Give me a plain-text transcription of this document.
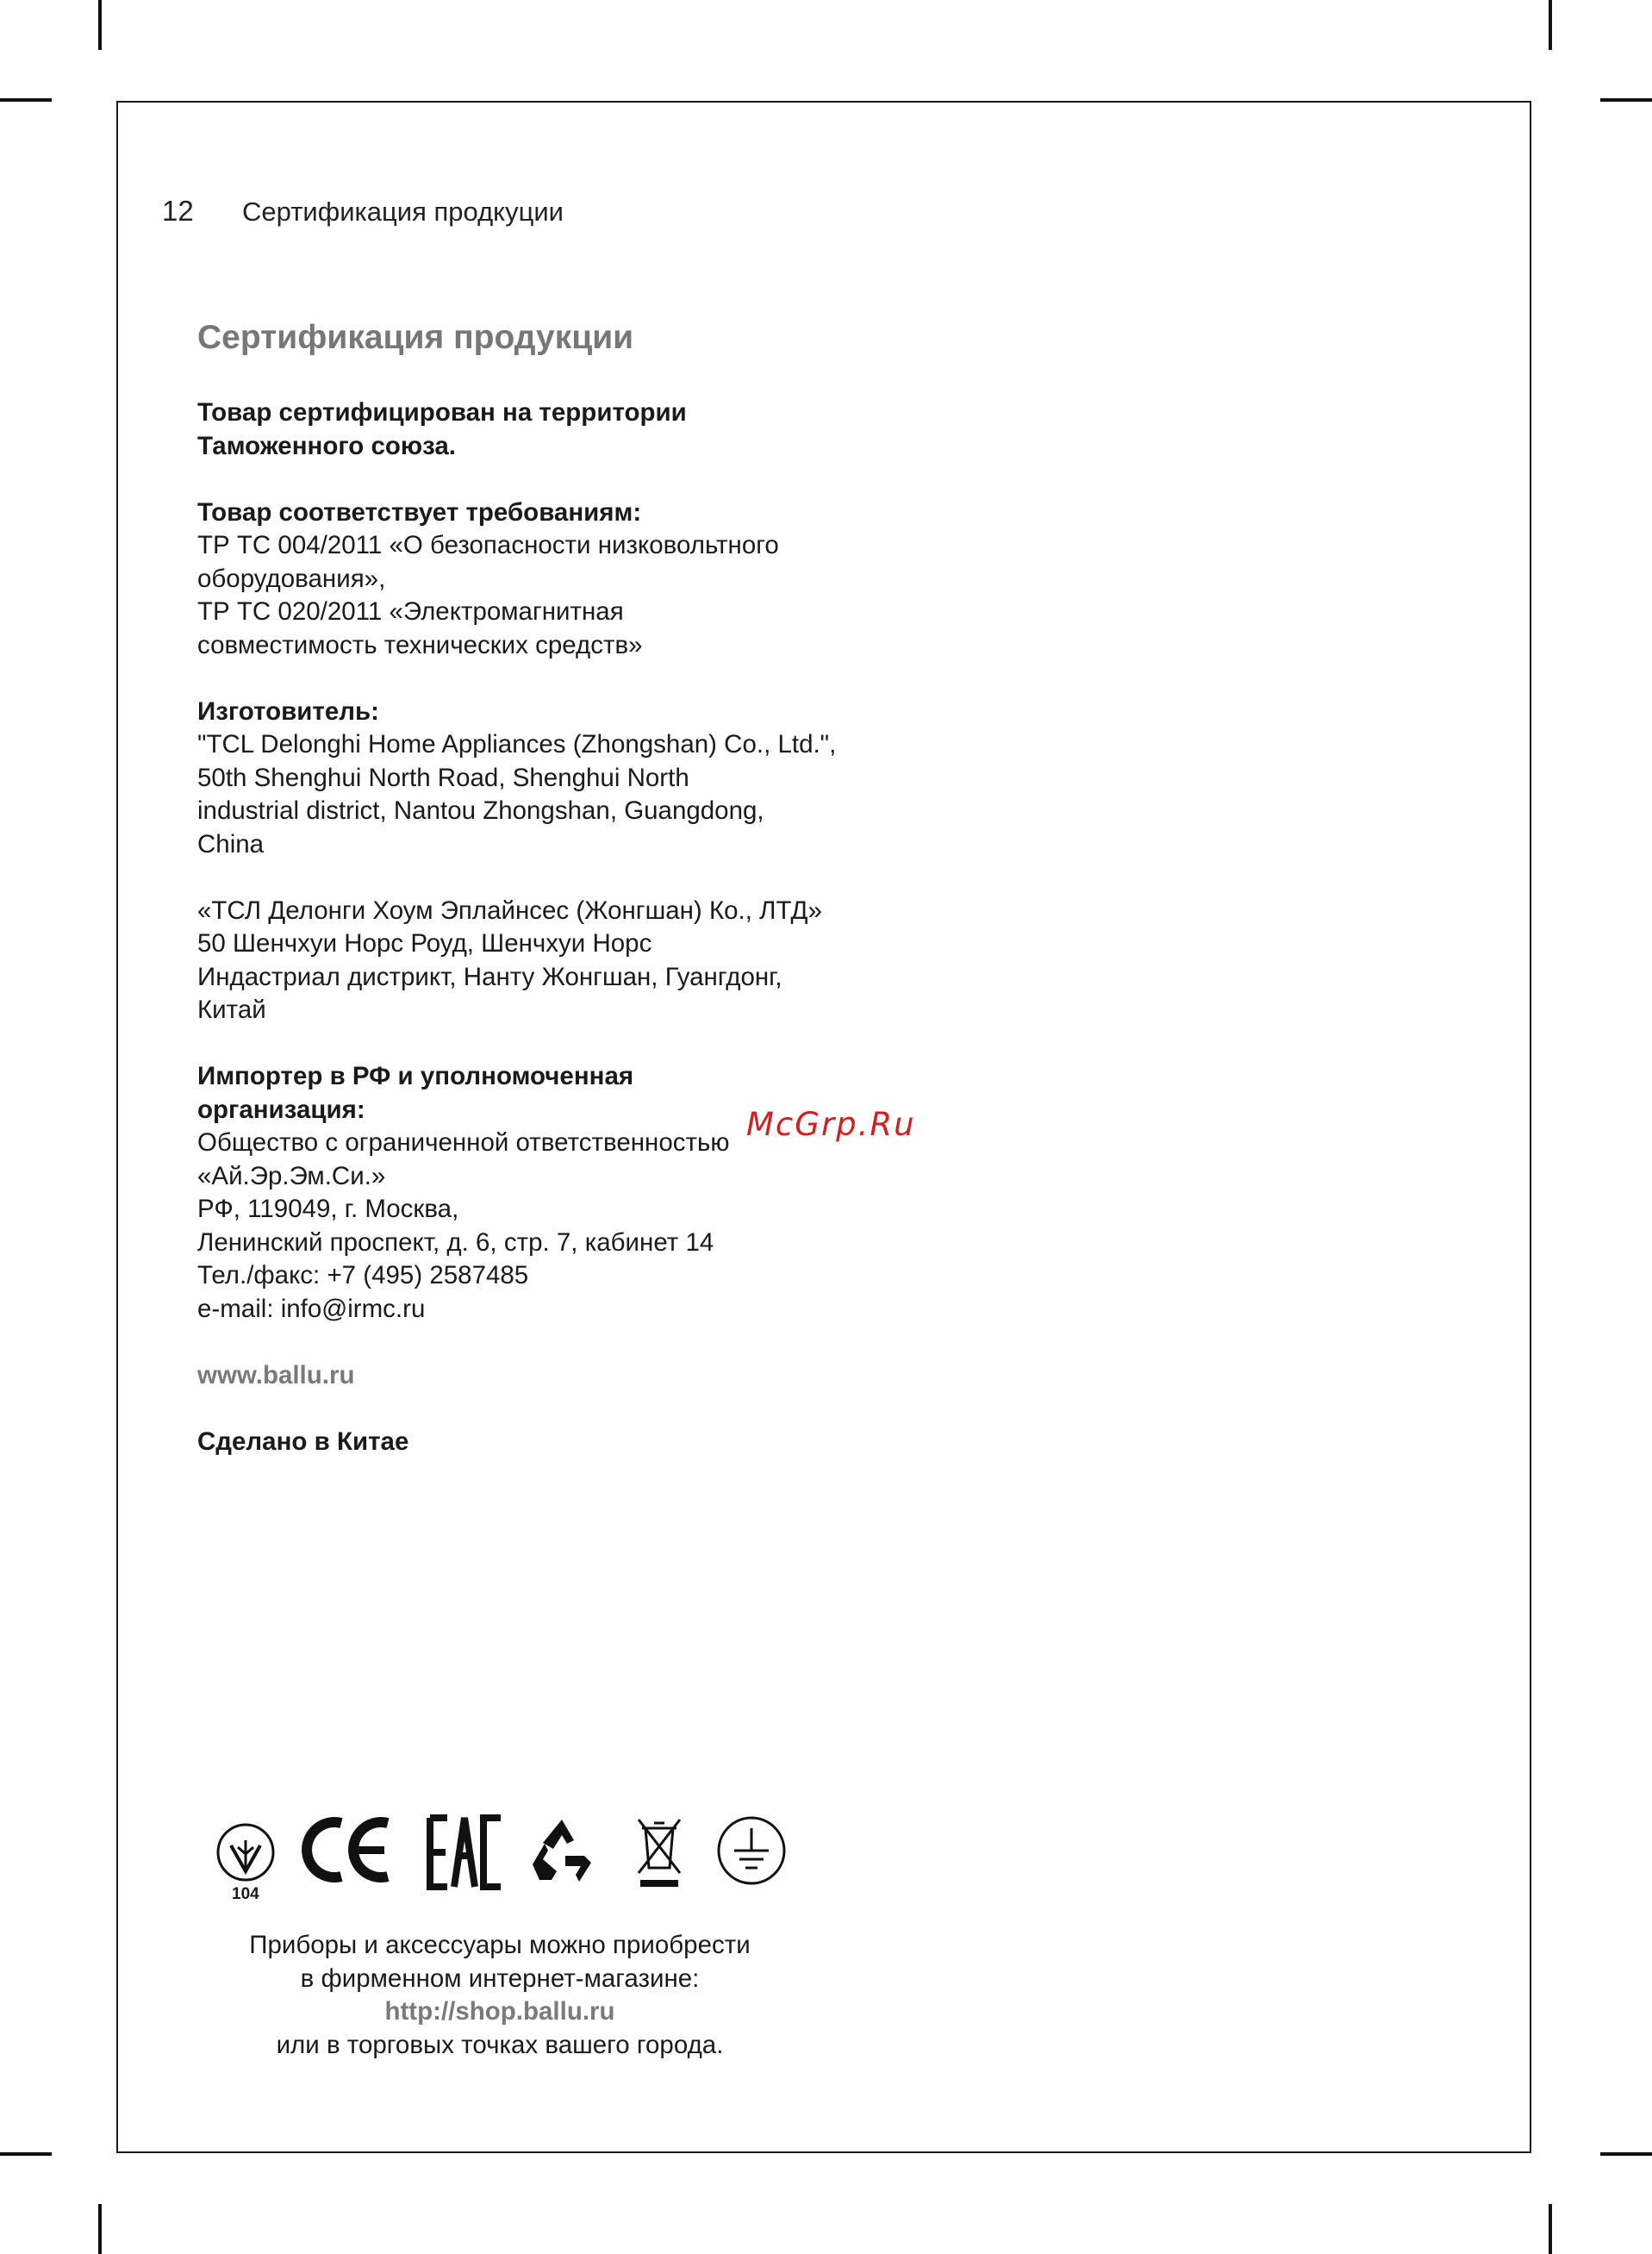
12 Сертификация продкуции
Сертификация продукции
Товар сертифицирован на территории
Таможенного союза.
Товар соответствует требованиям:
ТР ТС 004/2011 «О безопасности низковольтного
оборудования»,
ТР ТС 020/2011 «Электромагнитная
совместимость технических средств»
Изготовитель:
"TCL Delonghi Home Appliances (Zhongshan) Co., Ltd.",
50th Shenghui North Road, Shenghui North
industrial district, Nantou Zhongshan, Guangdong,
China
«ТСЛ Делонги Хоум Эплайнсес (Жонгшан) Ко., ЛТД»
50 Шенчхуи Норс Роуд, Шенчхуи Норс
Индастриал дистрикт, Нанту Жонгшан, Гуангдонг,
Китай
Импортер в РФ и уполномоченная
организация:
Общество с ограниченной ответственностью
«Ай.Эр.Эм.Си.»
РФ, 119049, г. Москва,
Ленинский проспект, д. 6, стр. 7, кабинет 14
Тел./факс: +7 (495) 2587485
e-mail: info@irmc.ru
www.ballu.ru
Сделано в Китае
McGrp.Ru
104
Приборы и аксессуары можно приобрести
в фирменном интернет-магазине:
http://shop.ballu.ru
или в торговых точках вашего города.
